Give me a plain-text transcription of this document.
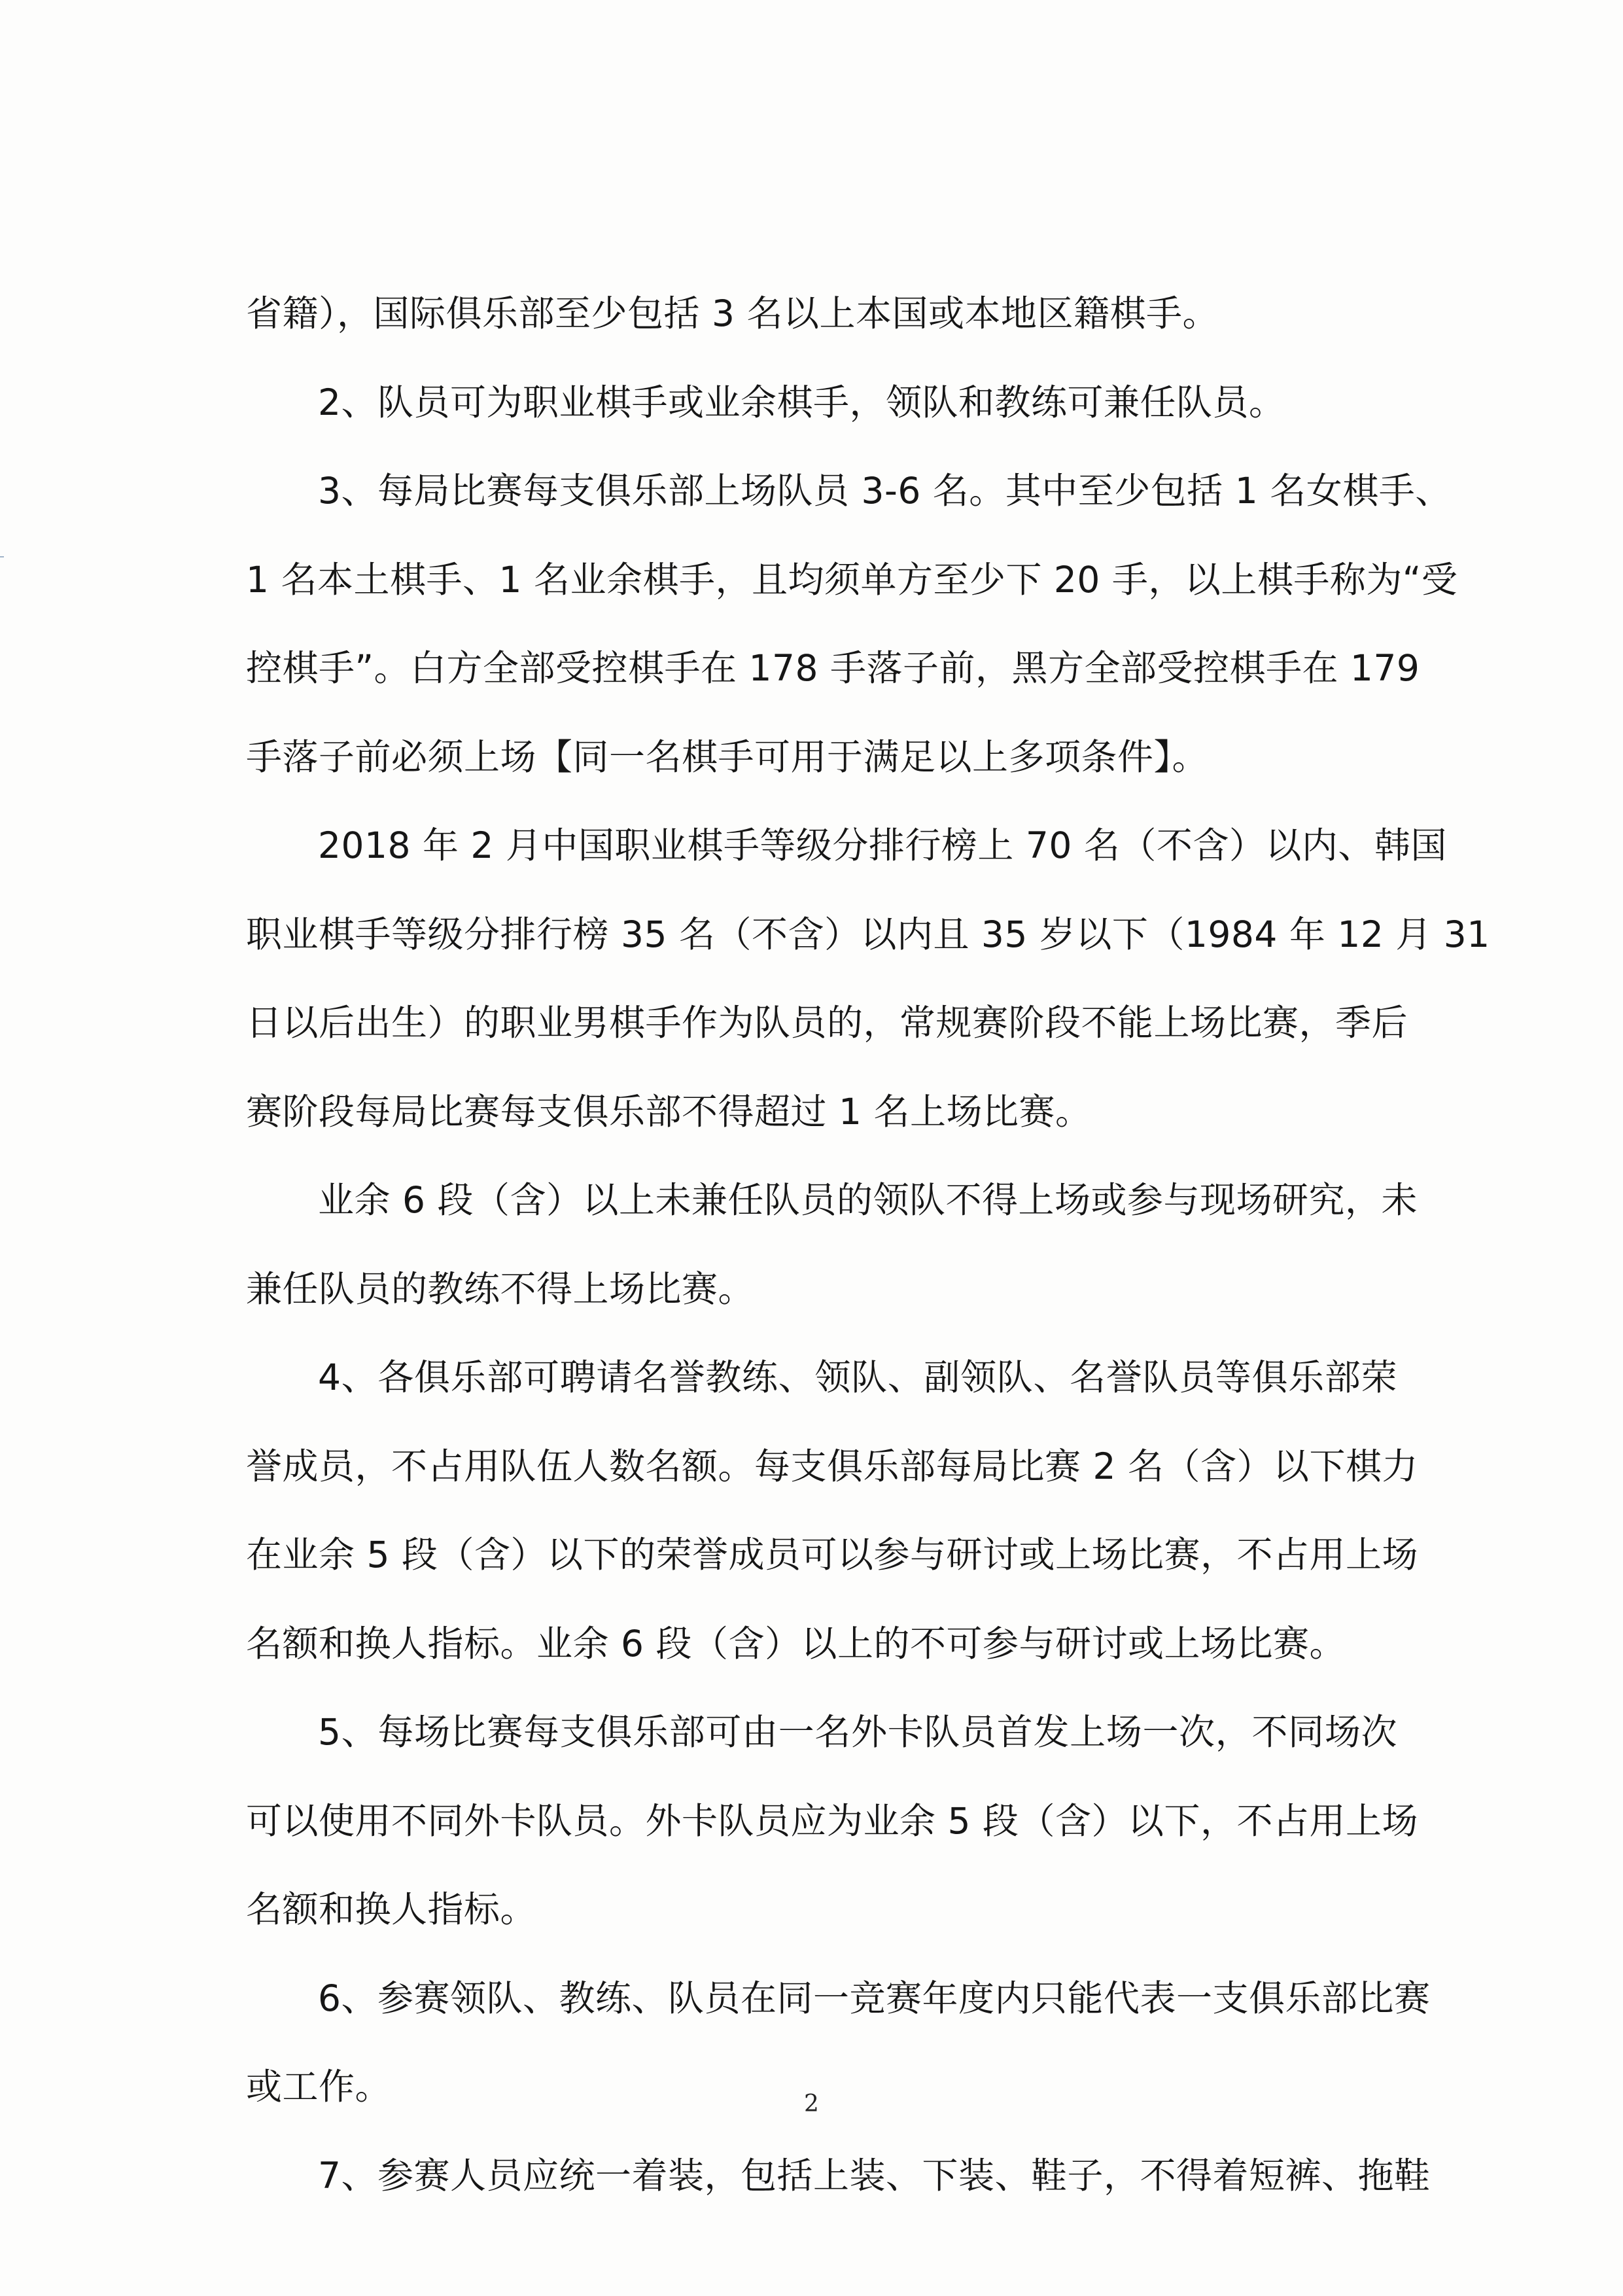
省籍），国际俱乐部至少包括 3 名以上本国或本地区籍棋手。
2、队员可为职业棋手或业余棋手，领队和教练可兼任队员。
3、每局比赛每支俱乐部上场队员 3-6 名。其中至少包括 1 名女棋手、
1 名本土棋手、1 名业余棋手，且均须单方至少下 20 手，以上棋手称为“受
控棋手”。白方全部受控棋手在 178 手落子前，黑方全部受控棋手在 179
手落子前必须上场【同一名棋手可用于满足以上多项条件】。
2018 年 2 月中国职业棋手等级分排行榜上 70 名（不含）以内、韩国
职业棋手等级分排行榜 35 名（不含）以内且 35 岁以下（1984 年 12 月 31
日以后出生）的职业男棋手作为队员的，常规赛阶段不能上场比赛，季后
赛阶段每局比赛每支俱乐部不得超过 1 名上场比赛。
业余 6 段（含）以上未兼任队员的领队不得上场或参与现场研究，未
兼任队员的教练不得上场比赛。
4、各俱乐部可聘请名誉教练、领队、副领队、名誉队员等俱乐部荣
誉成员，不占用队伍人数名额。每支俱乐部每局比赛 2 名（含）以下棋力
在业余 5 段（含）以下的荣誉成员可以参与研讨或上场比赛，不占用上场
名额和换人指标。业余 6 段（含）以上的不可参与研讨或上场比赛。
5、每场比赛每支俱乐部可由一名外卡队员首发上场一次，不同场次
可以使用不同外卡队员。外卡队员应为业余 5 段（含）以下，不占用上场
名额和换人指标。
6、参赛领队、教练、队员在同一竞赛年度内只能代表一支俱乐部比赛
或工作。
7、参赛人员应统一着装，包括上装、下装、鞋子，不得着短裤、拖鞋
2
